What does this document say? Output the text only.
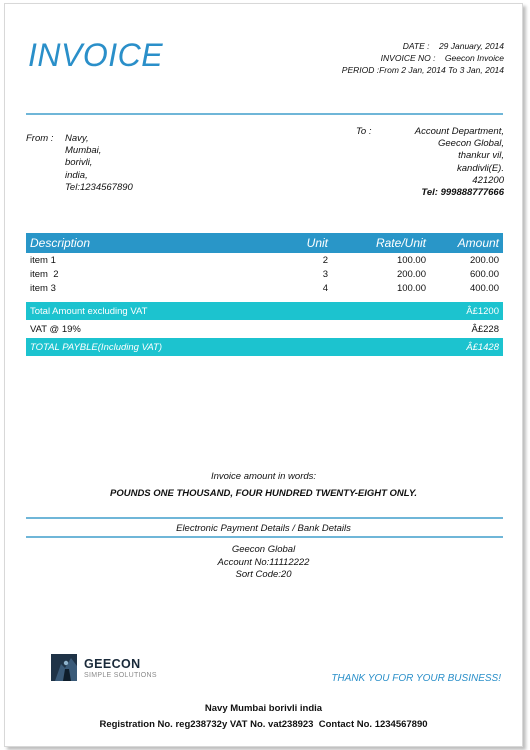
INVOICE	DATE : 29 January, 2014
INVOICE NO : Geecon Invoice
PERIOD :From 2 Jan, 2014 To 3 Jan, 2014
From : Navy,
Mumbai,
borivli,
india,
Tel:1234567890
To :	Account Department,
Geecon Global,
thankur vil,
kandivli(E).
421200
Tel: 999888777666
Description	Unit	Rate/Unit	Amount
item 1	2	100.00	200.00
item  2	3	200.00	600.00
item 3	4	100.00	400.00
Total Amount excluding VAT	Â£1200
VAT @ 19%	Â£228
TOTAL PAYBLE(Including VAT)	Â£1428
Invoice amount in words:
POUNDS ONE THOUSAND, FOUR HUNDRED TWENTY-EIGHT ONLY.
Electronic Payment Details / Bank Details
Geecon Global
Account No:11112222
Sort Code:20
GEECON
SIMPLE SOLUTIONS	THANK YOU FOR YOUR BUSINESS!
Navy Mumbai borivli india
Registration No. reg238732y VAT No. vat238923  Contact No. 1234567890
